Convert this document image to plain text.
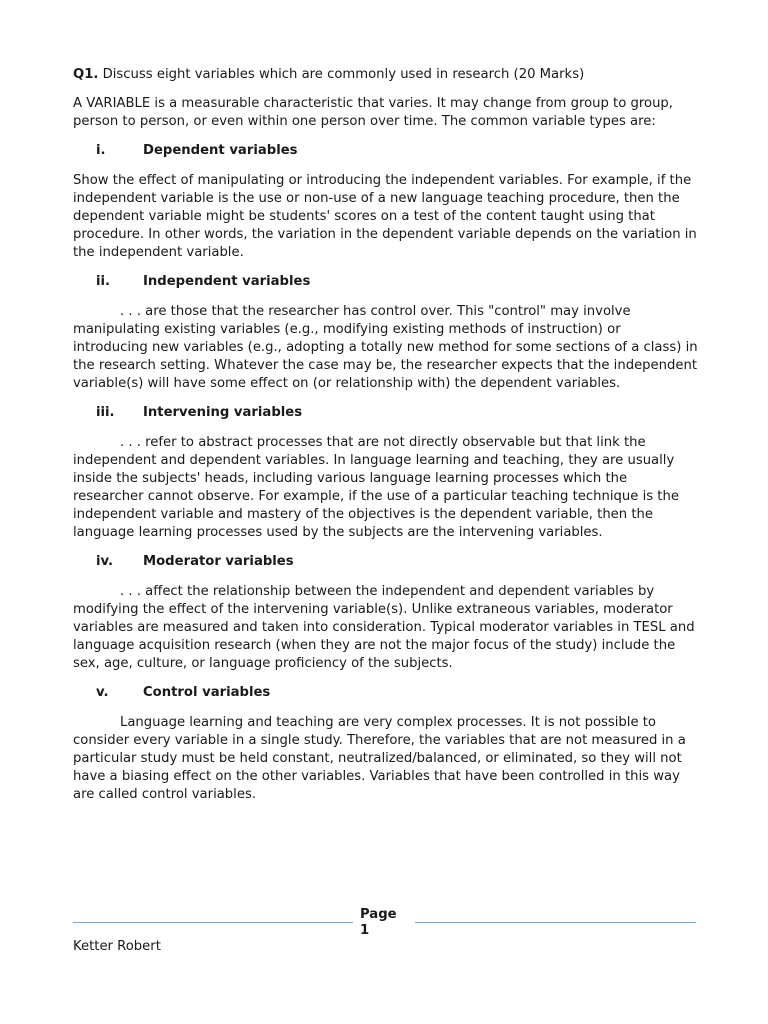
Q1. Discuss eight variables which are commonly used in research (20 Marks)

A VARIABLE is a measurable characteristic that varies. It may change from group to group, person to person, or even within one person over time. The common variable types are:

i.	Dependent variables

Show the effect of manipulating or introducing the independent variables. For example, if the independent variable is the use or non-use of a new language teaching procedure, then the dependent variable might be students' scores on a test of the content taught using that procedure. In other words, the variation in the dependent variable depends on the variation in the independent variable.

ii.	Independent variables

. . . are those that the researcher has control over. This "control" may involve manipulating existing variables (e.g., modifying existing methods of instruction) or introducing new variables (e.g., adopting a totally new method for some sections of a class) in the research setting. Whatever the case may be, the researcher expects that the independent variable(s) will have some effect on (or relationship with) the dependent variables.

iii.	Intervening variables

. . . refer to abstract processes that are not directly observable but that link the independent and dependent variables. In language learning and teaching, they are usually inside the subjects' heads, including various language learning processes which the researcher cannot observe. For example, if the use of a particular teaching technique is the independent variable and mastery of the objectives is the dependent variable, then the language learning processes used by the subjects are the intervening variables.

iv.	Moderator variables

. . . affect the relationship between the independent and dependent variables by modifying the effect of the intervening variable(s). Unlike extraneous variables, moderator variables are measured and taken into consideration. Typical moderator variables in TESL and language acquisition research (when they are not the major focus of the study) include the sex, age, culture, or language proficiency of the subjects.

v.	Control variables

Language learning and teaching are very complex processes. It is not possible to consider every variable in a single study. Therefore, the variables that are not measured in a particular study must be held constant, neutralized/balanced, or eliminated, so they will not have a biasing effect on the other variables. Variables that have been controlled in this way are called control variables.

Page 1
Ketter Robert
